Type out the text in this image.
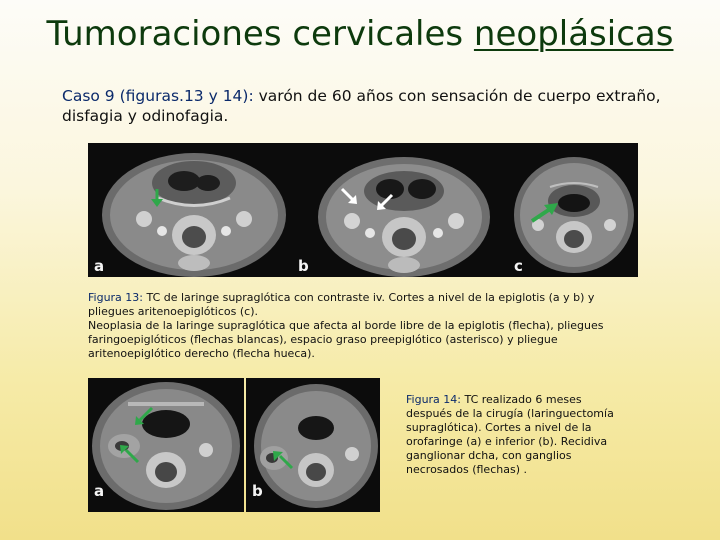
Tumoraciones cervicales neoplásicas
Caso 9 (figuras.13 y 14): varón de 60 años con sensación de cuerpo extraño, disfagia y odinofagia.
a	b	c
Figura 13: TC de laringe supraglótica con contraste iv. Cortes a nivel de la epiglotis (a y b) y pliegues aritenoepiglóticos (c).
Neoplasia de la laringe supraglótica que afecta al borde libre de la epiglotis (flecha), pliegues faringoepiglóticos (flechas blancas), espacio graso preepiglótico (asterisco) y pliegue aritenoepiglótico derecho (flecha hueca).
a	b
Figura 14: TC realizado 6 meses después de la cirugía (laringuectomía supraglótica). Cortes a nivel de la orofaringe (a) e inferior (b). Recidiva ganglionar dcha, con ganglios necrosados (flechas) .
